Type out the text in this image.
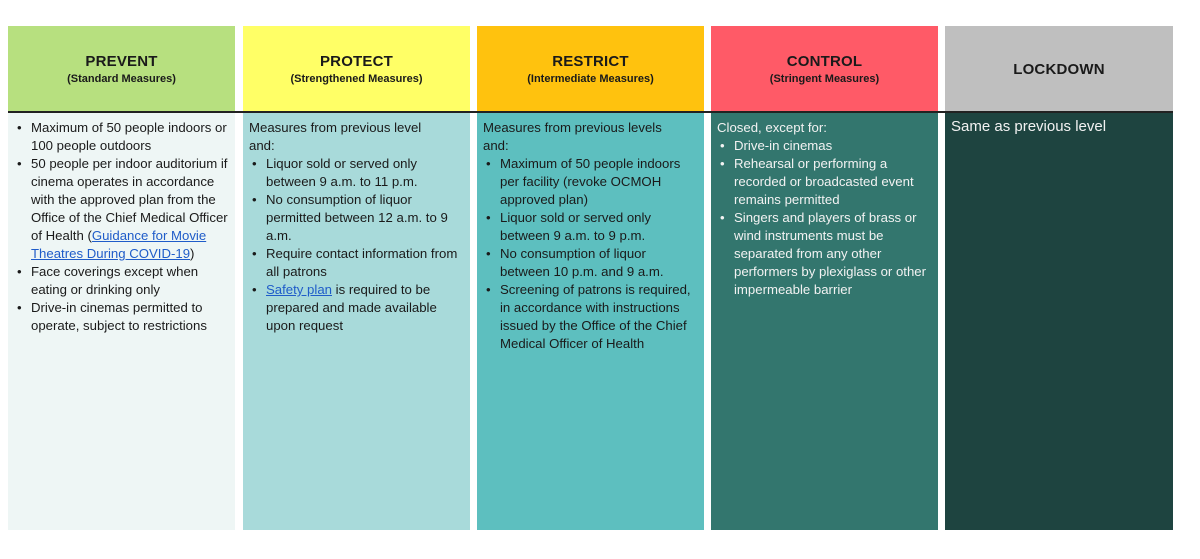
PREVENT
(Standard Measures)
• Maximum of 50 people indoors or 100 people outdoors
• 50 people per indoor auditorium if cinema operates in accordance with the approved plan from the Office of the Chief Medical Officer of Health (Guidance for Movie Theatres During COVID-19)
• Face coverings except when eating or drinking only
• Drive-in cinemas permitted to operate, subject to restrictions
PROTECT
(Strengthened Measures)

Measures from previous level
and:

• Liquor sold or served only between 9 a.m. to 11 p.m.
• No consumption of liquor permitted between 12 a.m. to 9 a.m.
• Require contact information from all patrons
• Safety plan is required to be prepared and made available upon request
RESTRICT
(Intermediate Measures)

Measures from previous levels
and:

• Maximum of 50 people indoors per facility (revoke OCMOH approved plan)
• Liquor sold or served only between 9 a.m. to 9 p.m.
• No consumption of liquor between 10 p.m. and 9 a.m.
• Screening of patrons is required, in accordance with instructions issued by the Office of the Chief Medical Officer of Health
CONTROL
(Stringent Measures)

Closed, except for:

• Drive-in cinemas
• Rehearsal or performing a recorded or broadcasted event remains permitted
• Singers and players of brass or wind instruments must be separated from any other performers by plexiglass or other impermeable barrier
LOCKDOWN

Same as previous level
